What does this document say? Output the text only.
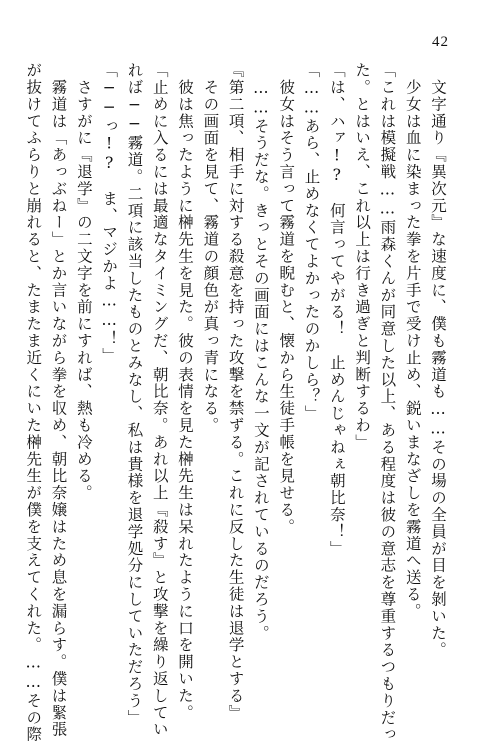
42
　文字通り『異次元』な速度に、僕も霧道も……その場の全員が目を剝いた。
　少女は血に染まった拳を片手で受け止め、鋭いまなざしを霧道へ送る。
「これは模擬戦……雨森くんが同意した以上、ある程度は彼の意志を尊重するつもりだっ
た。とはいえ、これ以上は行き過ぎと判断するわ」
「は、ハァ!?　何言ってやがる！　止めんじゃねぇ朝比奈！」
「……あら、止めなくてよかったのかしら？」
　彼女はそう言って霧道を睨むと、懐から生徒手帳を見せる。
　……そうだな。きっとその画面にはこんな一文が記されているのだろう。
『第二項、相手に対する殺意を持った攻撃を禁ずる。これに反した生徒は退学とする』
　その画面を見て、霧道の顔色が真っ青になる。
　彼は焦ったように榊先生を見た。彼の表情を見た榊先生は呆れたように口を開いた。
「止めに入るには最適なタイミングだ、朝比奈。あれ以上『殺す』と攻撃を繰り返してい
れば──霧道。二項に該当したものとみなし、私は貴様を退学処分にしていただろう」
「──っ!?　ま、マジかよ……！」
　さすがに『退学』の二文字を前にすれば、熱も冷める。
　霧道は「あっぶねー」とか言いながら拳を収め、朝比奈嬢はため息を漏らす。僕は緊張
が抜けてふらりと崩れると、たまたま近くにいた榊先生が僕を支えてくれた。……その際
